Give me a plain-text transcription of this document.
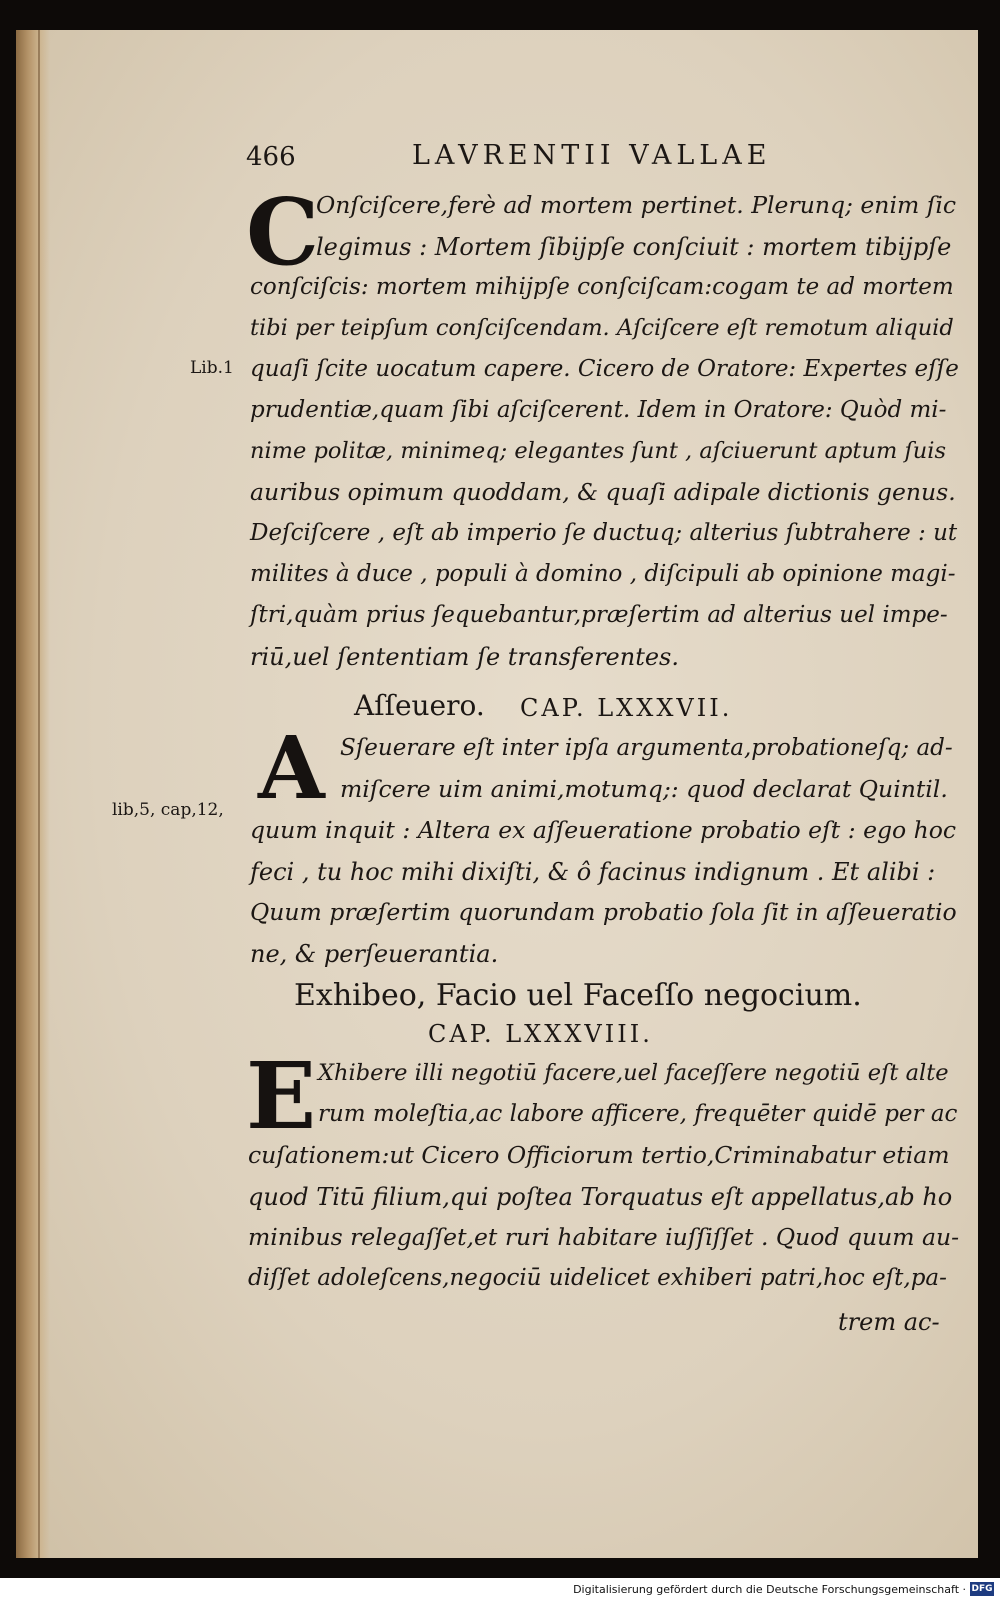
466	LAVRENTII VALLAE
C
Onſciſcere,ferè ad mortem pertinet. Plerunq; enim ſic
legimus : Mortem ſibijpſe conſciuit : mortem tibijpſe
conſciſcis: mortem mihijpſe conſciſcam:cogam te ad mortem
tibi per teipſum conſciſcendam. Aſciſcere eſt remotum aliquid
quaſi ſcite uocatum capere. Cicero de Oratore: Expertes eſſe
prudentiæ,quam ſibi aſciſcerent. Idem in Oratore: Quòd mi-
nime politæ, minimeq; elegantes ſunt , aſciuerunt aptum ſuis
auribus opimum quoddam, & quaſi adipale dictionis genus.
Deſciſcere , eſt ab imperio ſe ductuq; alterius ſubtrahere : ut
milites à duce , populi à domino , diſcipuli ab opinione magi-
ſtri,quàm prius ſequebantur,præſertim ad alterius uel impe-
riū,uel ſententiam ſe transferentes.
Lib.1
Aſſeuero. CAP. LXXXVII.
A Sſeuerare eſt inter ipſa argumenta,probationeſq; ad-
miſcere uim animi,motumq;: quod declarat Quintil.
quum inquit : Altera ex aſſeueratione probatio eſt : ego hoc
feci , tu hoc mihi dixiſti, & ô facinus indignum . Et alibi :
Quum præſertim quorundam probatio ſola ſit in aſſeueratio
ne, & perſeuerantia.
lib,5, cap,12,
Exhibeo, Facio uel Faceſſo negocium.
CAP. LXXXVIII.
E Xhibere illi negotiū facere,uel faceſſere negotiū eſt alte
rum moleſtia,ac labore afficere, frequēter quidē per ac
cuſationem:ut Cicero Officiorum tertio,Criminabatur etiam
quod Titū filium,qui poſtea Torquatus eſt appellatus,ab ho
minibus relegaſſet,et ruri habitare iuſſiſſet . Quod quum au-
diſſet adoleſcens,negociū uidelicet exhiberi patri,hoc eſt,pa-
trem ac-
Digitalisierung gefördert durch die Deutsche Forschungsgemeinschaft · DFG
